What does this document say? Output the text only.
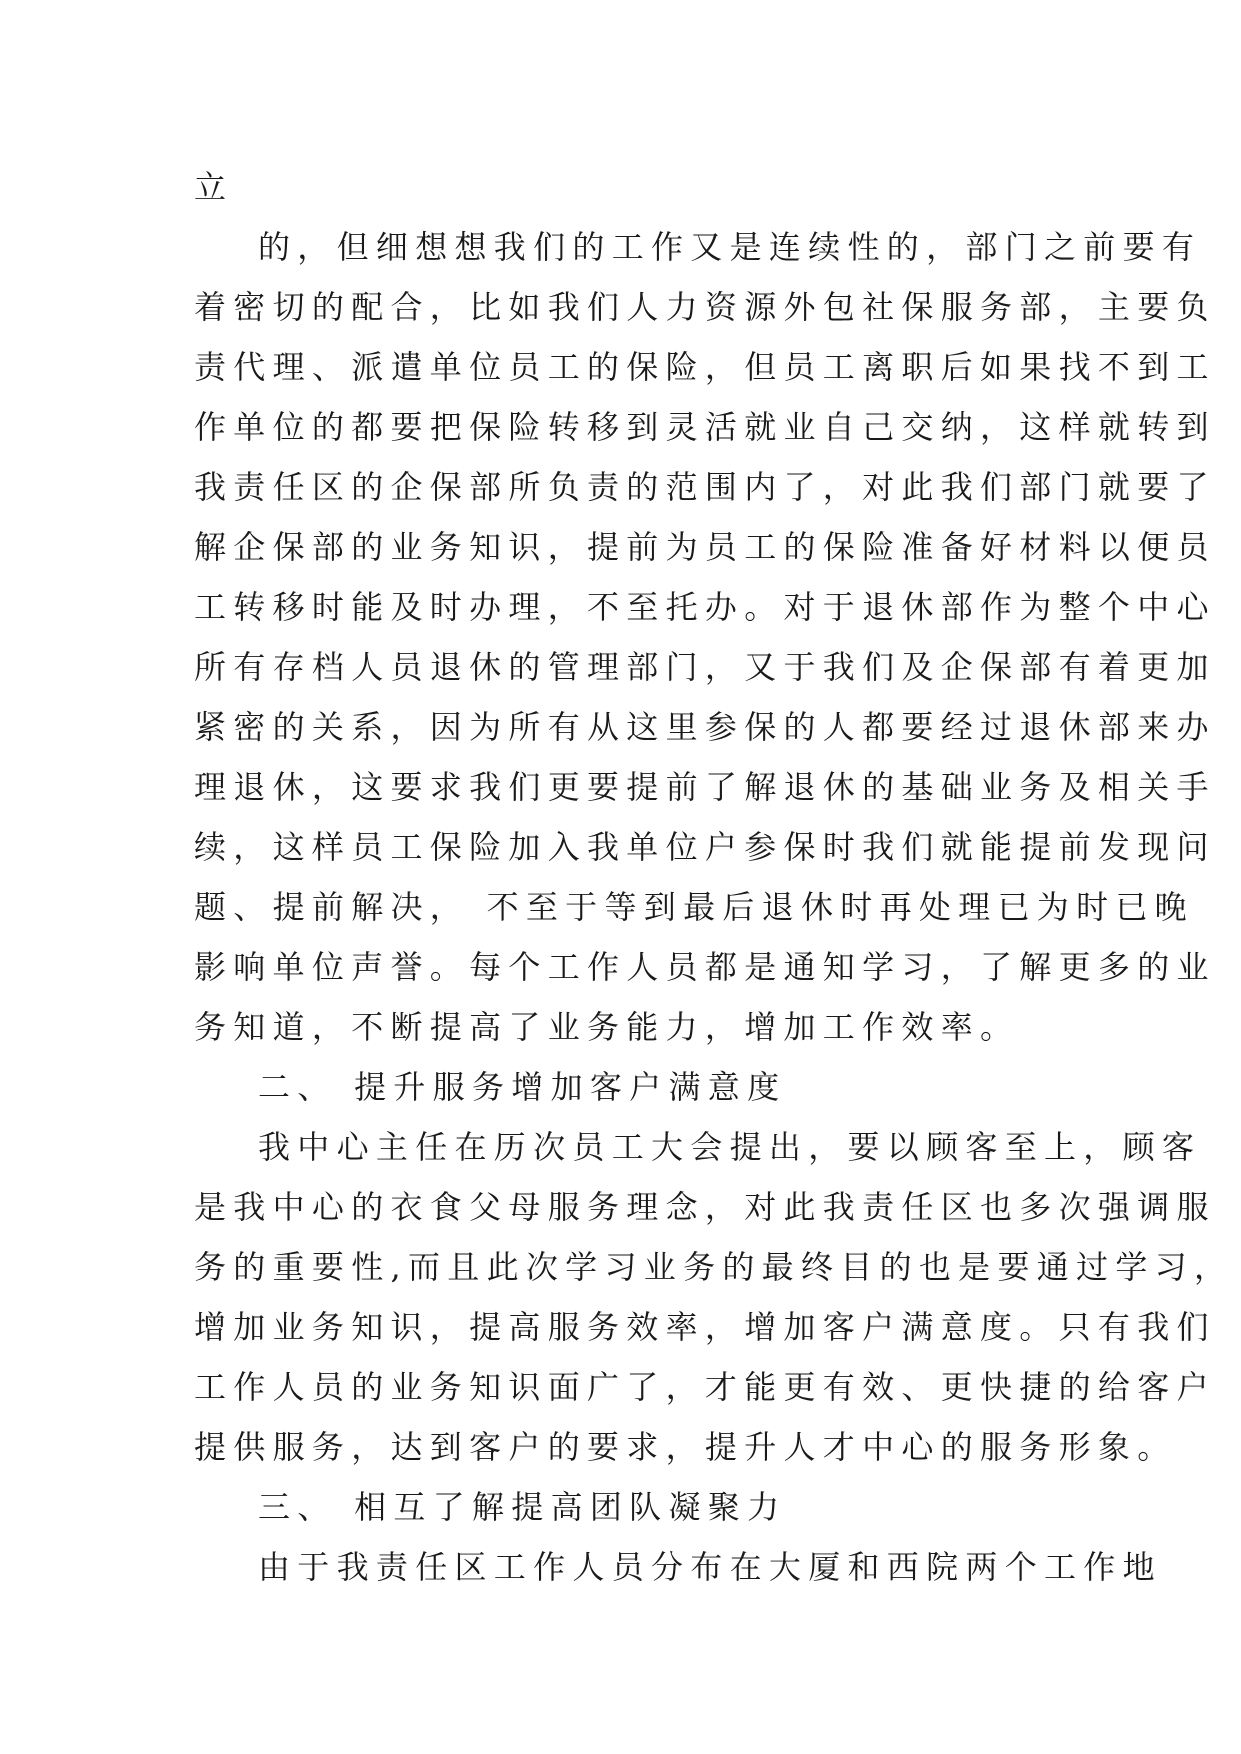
立
的，但细想想我们的工作又是连续性的，部门之前要有
着密切的配合，比如我们人力资源外包社保服务部，主要负
责代理、派遣单位员工的保险，但员工离职后如果找不到工
作单位的都要把保险转移到灵活就业自己交纳，这样就转到
我责任区的企保部所负责的范围内了，对此我们部门就要了
解企保部的业务知识，提前为员工的保险准备好材料以便员
工转移时能及时办理，不至托办。对于退休部作为整个中心
所有存档人员退休的管理部门，又于我们及企保部有着更加
紧密的关系，因为所有从这里参保的人都要经过退休部来办
理退休，这要求我们更要提前了解退休的基础业务及相关手
续，这样员工保险加入我单位户参保时我们就能提前发现问
题、提前解决， 不至于等到最后退休时再处理已为时已晚
影响单位声誉。每个工作人员都是通知学习，了解更多的业
务知道，不断提高了业务能力，增加工作效率。
二、 提升服务增加客户满意度
我中心主任在历次员工大会提出，要以顾客至上，顾客
是我中心的衣食父母服务理念，对此我责任区也多次强调服
务的重要性,而且此次学习业务的最终目的也是要通过学习，
增加业务知识，提高服务效率，增加客户满意度。只有我们
工作人员的业务知识面广了，才能更有效、更快捷的给客户
提供服务，达到客户的要求，提升人才中心的服务形象。
三、 相互了解提高团队凝聚力
由于我责任区工作人员分布在大厦和西院两个工作地
